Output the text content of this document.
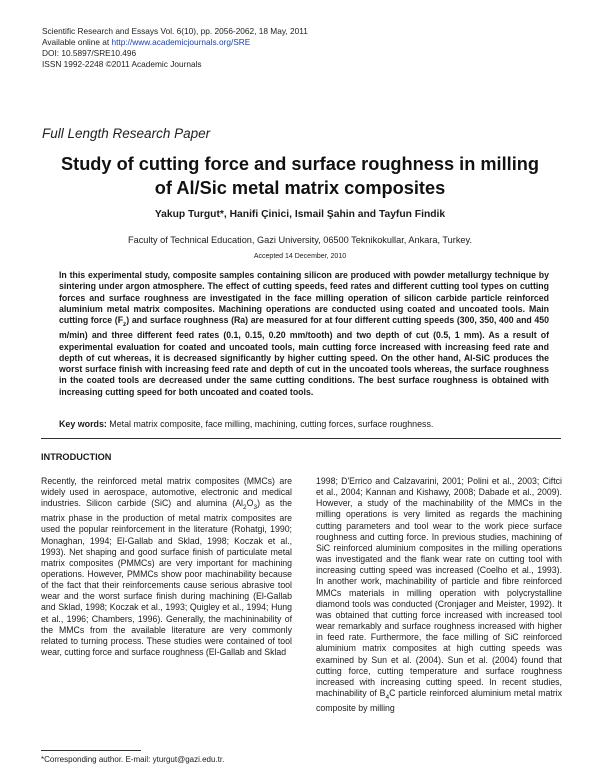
Scientific Research and Essays Vol. 6(10), pp. 2056-2062, 18 May, 2011
Available online at http://www.academicjournals.org/SRE
DOI: 10.5897/SRE10.496
ISSN 1992-2248 ©2011 Academic Journals
Full Length Research Paper
Study of cutting force and surface roughness in milling
of Al/Sic metal matrix composites
Yakup Turgut*, Hanifi Çinici, Ismail Şahin and Tayfun Findik
Faculty of Technical Education, Gazi University, 06500 Teknikokullar, Ankara, Turkey.
Accepted 14 December, 2010
In this experimental study, composite samples containing silicon are produced with powder metallurgy technique by sintering under argon atmosphere. The effect of cutting speeds, feed rates and different cutting tool types on cutting forces and surface roughness are investigated in the face milling operation of silicon carbide particle reinforced aluminium metal matrix composites. Machining operations are conducted using coated and uncoated tools. Main cutting force $(F_z)$ and surface roughness (Ra) are measured for at four different cutting speeds (300, 350, 400 and 450 m/min) and three different feed rates (0.1, 0.15, 0.20 mm/tooth) and two depth of cut (0.5, 1 mm). As a result of experimental evaluation for coated and uncoated tools, main cutting force increased with increasing feed rate and depth of cut whereas, it is decreased significantly by higher cutting speed. On the other hand, Al-SiC produces the worst surface finish with increasing feed rate and depth of cut in the uncoated tools whereas, the surface roughness in the coated tools are decreased under the same cutting conditions. The best surface roughness is obtained with increasing cutting speed for both uncoated and coated tools.
Key words: Metal matrix composite, face milling, machining, cutting forces, surface roughness.
INTRODUCTION
Recently, the reinforced metal matrix composites (MMCs) are widely used in aerospace, automotive, electronic and medical industries. Silicon carbide (SiC) and alumina $(Al_2O_3)$ as the matrix phase in the production of metal matrix composites are used the popular reinforcement in the literature (Rohatgi, 1990; Monaghan, 1994; El-Gallab and Sklad, 1998; Koczak et al., 1993). Net shaping and good surface finish of particulate metal matrix composites (PMMCs) are very important for machining operations. However, PMMCs show poor machinability because of the fact that their reinforcements cause serious abrasive tool wear and the worst surface finish during machining (El-Gallab and Sklad, 1998; Koczak et al., 1993; Quigley et al., 1994; Hung et al., 1996; Chambers, 1996). Generally, the machininability of the MMCs from the available literature are very commonly related to turning process. These studies were contained of tool wear, cutting force and surface roughness (El-Gallab and Sklad
1998; D'Errico and Calzavarini, 2001; Polini et al., 2003; Ciftci et al., 2004; Kannan and Kishawy, 2008; Dabade et al., 2009). However, a study of the machinability of the MMCs in the milling operations is very limited as regards the machining cutting parameters and tool wear to the work piece surface roughness and cutting force. In previous studies, machining of SiC reinforced aluminium composites in the milling operations was investigated and the flank wear rate on cutting tool with increasing cutting speed was increased (Coelho et al., 1993). In another work, machinability of particle and fibre reinforced MMCs materials in milling operation with polycrystalline diamond tools was conducted (Cronjager and Meister, 1992). It was obtained that cutting force increased with increased tool wear remarkably and surface roughness increased with higher in feed rate. Furthermore, the face milling of SiC reinforced aluminium matrix composites at high cutting speeds was examined by Sun et al. (2004). Sun et al. (2004) found that cutting force, cutting temperature and surface roughness increased with increasing cutting speed. In recent studies, machinability of $B_4C$ particle reinforced aluminium metal matrix composite by milling
*Corresponding author. E-mail: yturgut@gazi.edu.tr.
